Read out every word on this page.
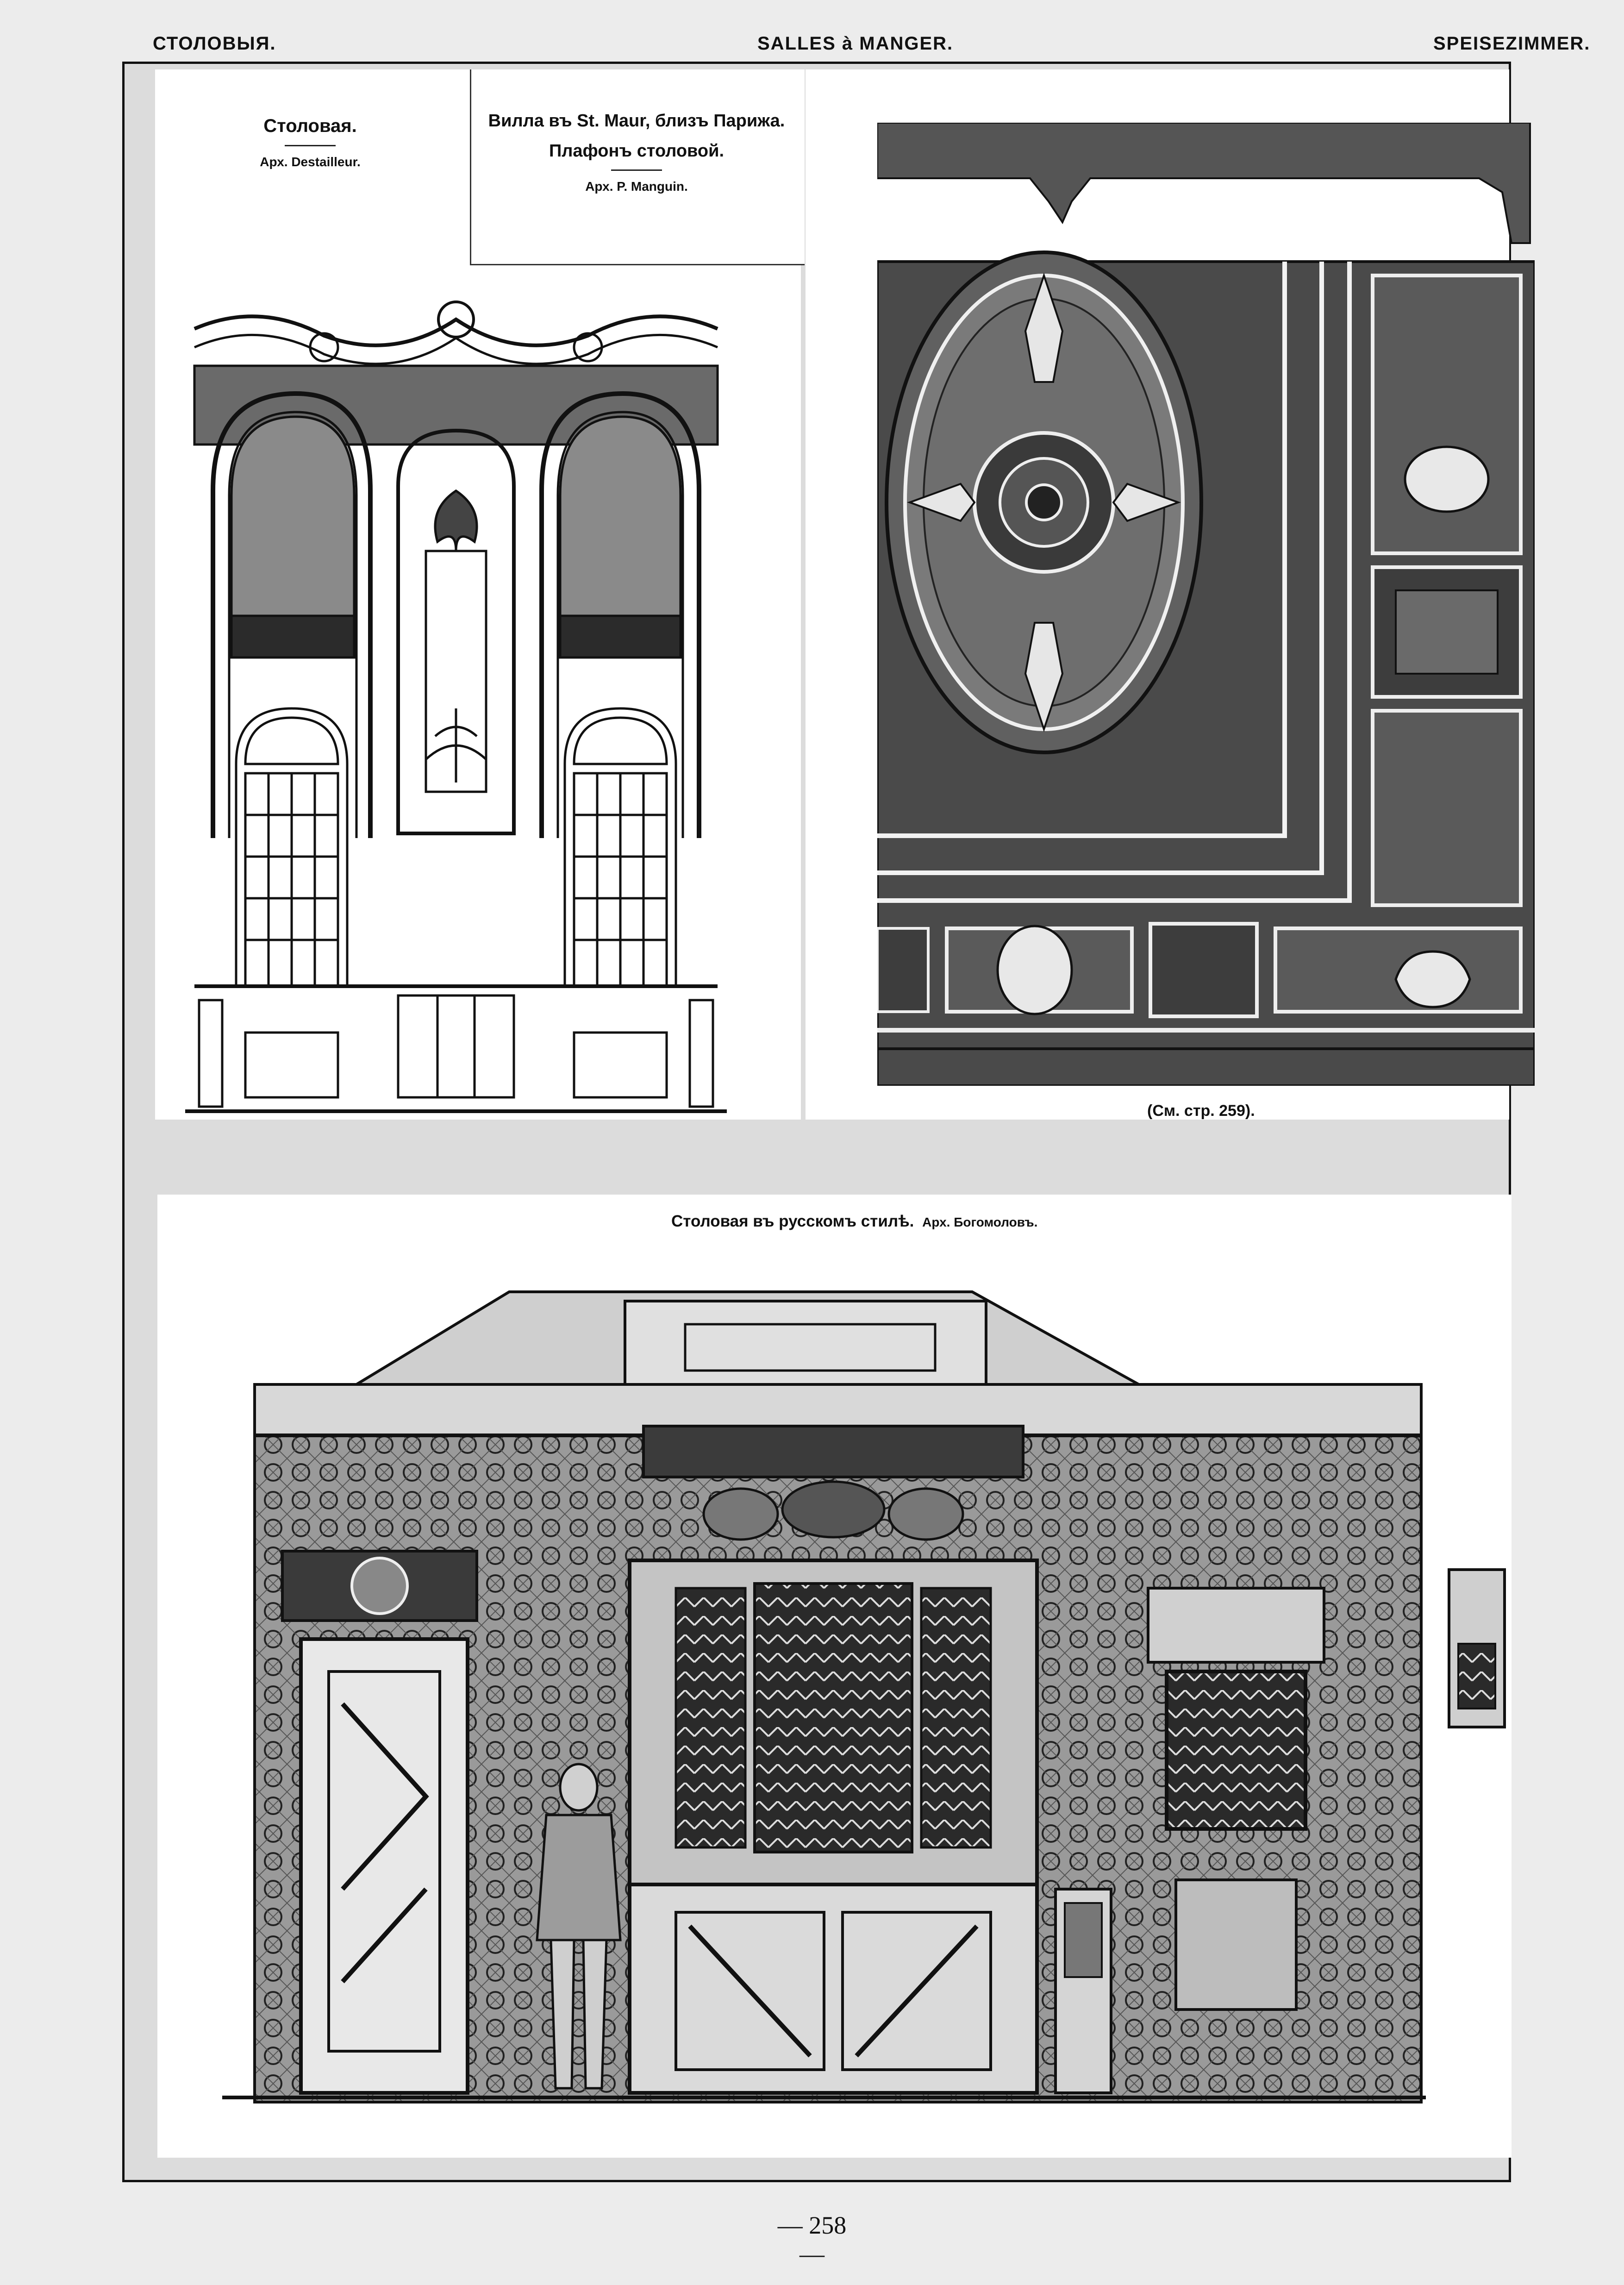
СТОЛОВЫЯ.	SALLES à MANGER.	SPEISEZIMMER.
Столовая.
Арх. Destailleur.
Вилла въ St. Maur, близъ Парижа.
Плафонъ столовой.
Арх. P. Manguin.
(См. стр. 259).
Столовая въ русскомъ стилѣ. Арх. Богомоловъ.
— 258 —
